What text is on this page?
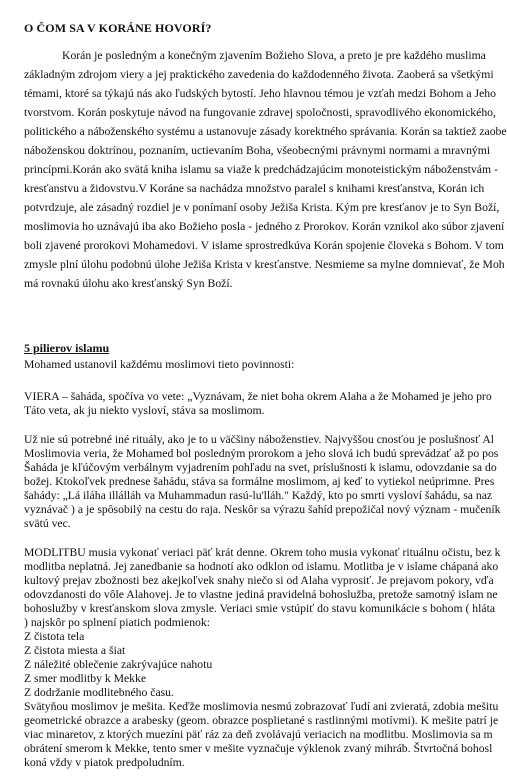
O ČOM SA V KORÁNE HOVORÍ?
Korán je posledným a konečným zjavením Božieho Slova, a preto je pre každého muslima
základným zdrojom viery a jej praktického zavedenia do každodenného života. Zaoberá sa všetkými
témami, ktoré sa týkajú nás ako ľudských bytostí. Jeho hlavnou témou je vzťah medzi Bohom a Jeho
tvorstvom. Korán poskytuje návod na fungovanie zdravej spoločnosti, spravodlivého ekonomického,
politického a náboženského systému a ustanovuje zásady korektného správania. Korán sa taktiež zaobe
náboženskou doktrínou, poznaním, uctievaním Boha, všeobecnými právnymi normami a mravnými
princípmi.Korán ako svätá kniha islamu sa viaže k predchádzajúcim monoteistickým náboženstvám -
kresťanstvu a židovstvu.V Koráne sa nachádza množstvo paralel s knihami kresťanstva, Korán ich
potvrdzuje, ale zásadný rozdiel je v ponímaní osoby Ježiša Krista. Kým pre kresťanov je to Syn Boží,
moslimovia ho uznávajú iba ako Božieho posla - jedného z Prorokov. Korán vznikol ako súbor zjavení
boli zjavené prorokovi Mohamedovi. V islame sprostredkúva Korán spojenie človeka s Bohom. V tom
zmysle plní úlohu podobnú úlohe Ježiša Krista v kresťanstve. Nesmieme sa mylne domnievať, že Moh
má rovnakú úlohu ako kresťanský Syn Boží.
5 pilierov islamu
Mohamed ustanovil každému moslimovi tieto povinnosti:
VIERA – šaháda, spočíva vo vete: „Vyznávam, že niet boha okrem Alaha a že Mohamed je jeho pro
Táto veta, ak ju niekto vysloví, stáva sa moslimom.
Už nie sú potrebné iné rituály, ako je to u väčšiny náboženstiev. Najvyššou cnosťou je poslušnosť Al
Moslimovia veria, že Mohamed bol posledným prorokom a jeho slová ich budú sprevádzať až po pos
Šaháda je kľúčovým verbálnym vyjadrením pohľadu na svet, príslušnosti k islamu, odovzdanie sa do
božej. Ktokoľvek prednese šahádu, stáva sa formálne moslimom, aj keď to vytiekol neúprimne. Pres
šahády: „Lá iláha illálláh va Muhammadun rasú-lu'lláh." Každý, kto po smrti vysloví šahádu, sa naz
vyznávač ) a je spôsobilý na cestu do raja. Neskôr sa výrazu šahíd prepožičal nový význam - mučeník
svätú vec.
MODLITBU musia vykonať veriaci päť krát denne. Okrem toho musia vykonať rituálnu očistu, bez k
modlitba neplatná. Jej zanedbanie sa hodnotí ako odklon od islamu. Motlitba je v islame chápaná ako
kultový prejav zbožnosti bez akejkoľvek snahy niečo si od Alaha vyprosiť. Je prejavom pokory, vďa
odovzdanosti do vôle Alahovej. Je to vlastne jediná pravidelná bohoslužba, pretože samotný islam ne
bohoslužby v kresťanskom slova zmysle. Veriaci smie vstúpiť do stavu komunikácie s bohom ( hláta
) najskôr po splnení piatich podmienok:
Z čistota tela
Z čistota miesta a šiat
Z náležité oblečenie zakrývajúce nahotu
Z smer modlitby k Mekke
Z dodržanie modlitebného času.
Svätyňou moslimov je mešita. Keďže moslimovia nesmú zobrazovať ľudí ani zvieratá, zdobia mešitu
geometrické obrazce a arabesky (geom. obrazce posplietané s rastlinnými motívmi). K mešite patrí je
viac minaretov, z ktorých muezíni päť ráz za deň zvolávajú veriacich na modlitbu. Moslimovia sa m
obrátení smerom k Mekke, tento smer v mešite vyznačuje výklenok zvaný mihráb. Štvrtočná bohosl
koná vždy v piatok predpoludním.
